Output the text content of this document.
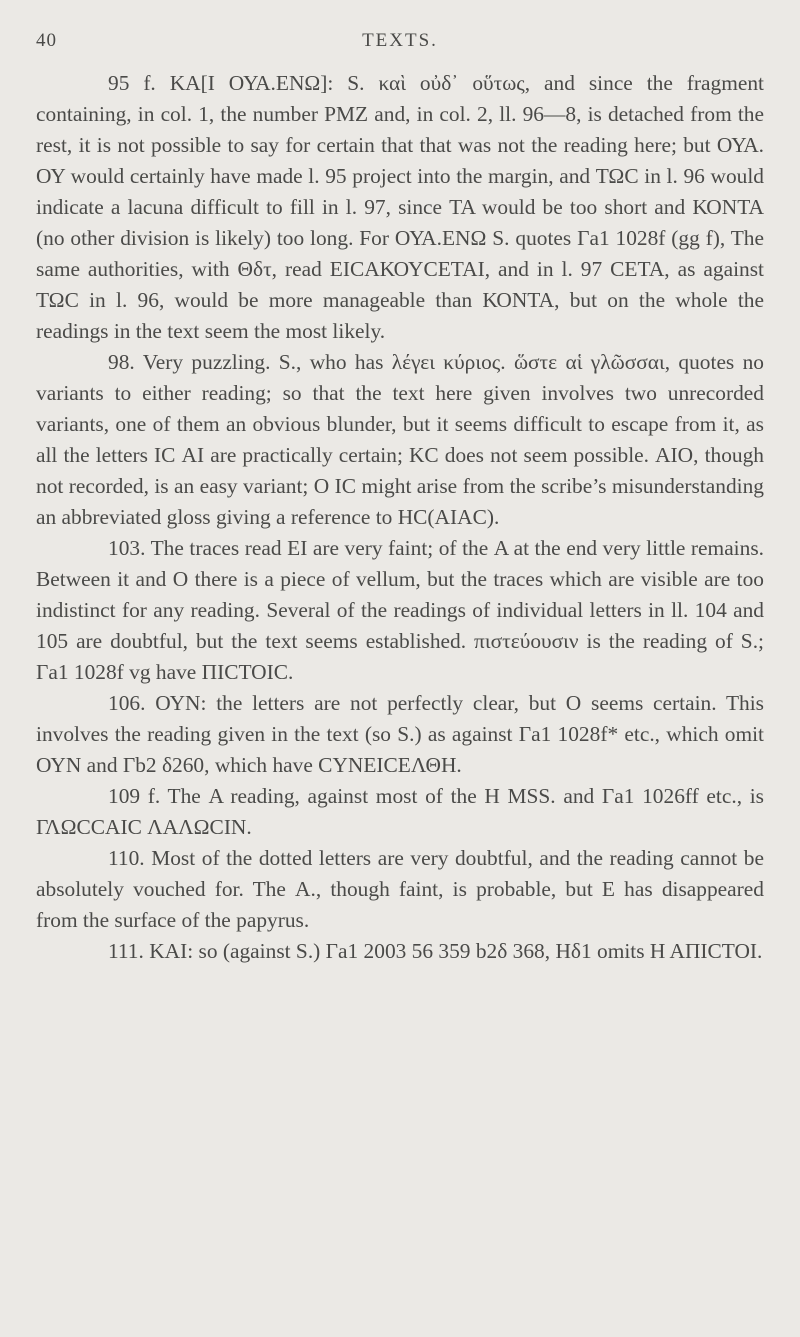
40	TEXTS.

95 f. ΚΑ[Ι ΟΥΑ.ΕΝΩ]: S. καὶ οὐδ᾽ οὕτως, and since the fragment containing, in col. 1, the number ΡΜΖ and, in col. 2, ll. 96—8, is detached from the rest, it is not possible to say for certain that that was not the reading here; but ΟΥΑ. ΟΥ would certainly have made l. 95 project into the margin, and ΤΩC in l. 96 would indicate a lacuna difficult to fill in l. 97, since ΤΑ would be too short and ΚΟΝΤΑ (no other division is likely) too long. For ΟΥΑ.ΕΝΩ S. quotes Γa1 1028f (gg f), The same authorities, with Θδτ, read ΕΙCΑΚΟΥCΕΤΑΙ, and in l. 97 CΕΤΑ, as against ΤΩC in l. 96, would be more manageable than ΚΟΝΤΑ, but on the whole the readings in the text seem the most likely.

98. Very puzzling. S., who has λέγει κύριος. ὥστε αἱ γλῶσσαι, quotes no variants to either reading; so that the text here given involves two unrecorded variants, one of them an obvious blunder, but it seems difficult to escape from it, as all the letters ΙC ΑΙ are practically certain; ΚC does not seem possible. ΑΙΟ, though not recorded, is an easy variant; Ο ΙC might arise from the scribe’s misunderstanding an abbreviated gloss giving a reference to ΗC(ΑΙΑC).

103. The traces read ΕΙ are very faint; of the Α at the end very little remains. Between it and Ο there is a piece of vellum, but the traces which are visible are too indistinct for any reading. Several of the readings of individual letters in ll. 104 and 105 are doubtful, but the text seems established. πιστεύουσιν is the reading of S.; Γa1 1028f vg have ΠΙCΤΟΙC.

106. ΟΥΝ: the letters are not perfectly clear, but Ο seems certain. This involves the reading given in the text (so S.) as against Γa1 1028f* etc., which omit ΟΥΝ and Γb2 δ260, which have CΥΝΕΙCΕΛΘΗ.

109 f. The Α reading, against most of the Η MSS. and Γa1 1026ff etc., is ΓΛΩCCΑΙC ΛΑΛΩCΙΝ.

110. Most of the dotted letters are very doubtful, and the reading cannot be absolutely vouched for. The Α., though faint, is probable, but Ε has disappeared from the surface of the papyrus.

111. ΚΑΙ: so (against S.) Γa1 2003 56 359 b2δ 368, Ηδ1 omits Η ΑΠΙCΤΟΙ.
